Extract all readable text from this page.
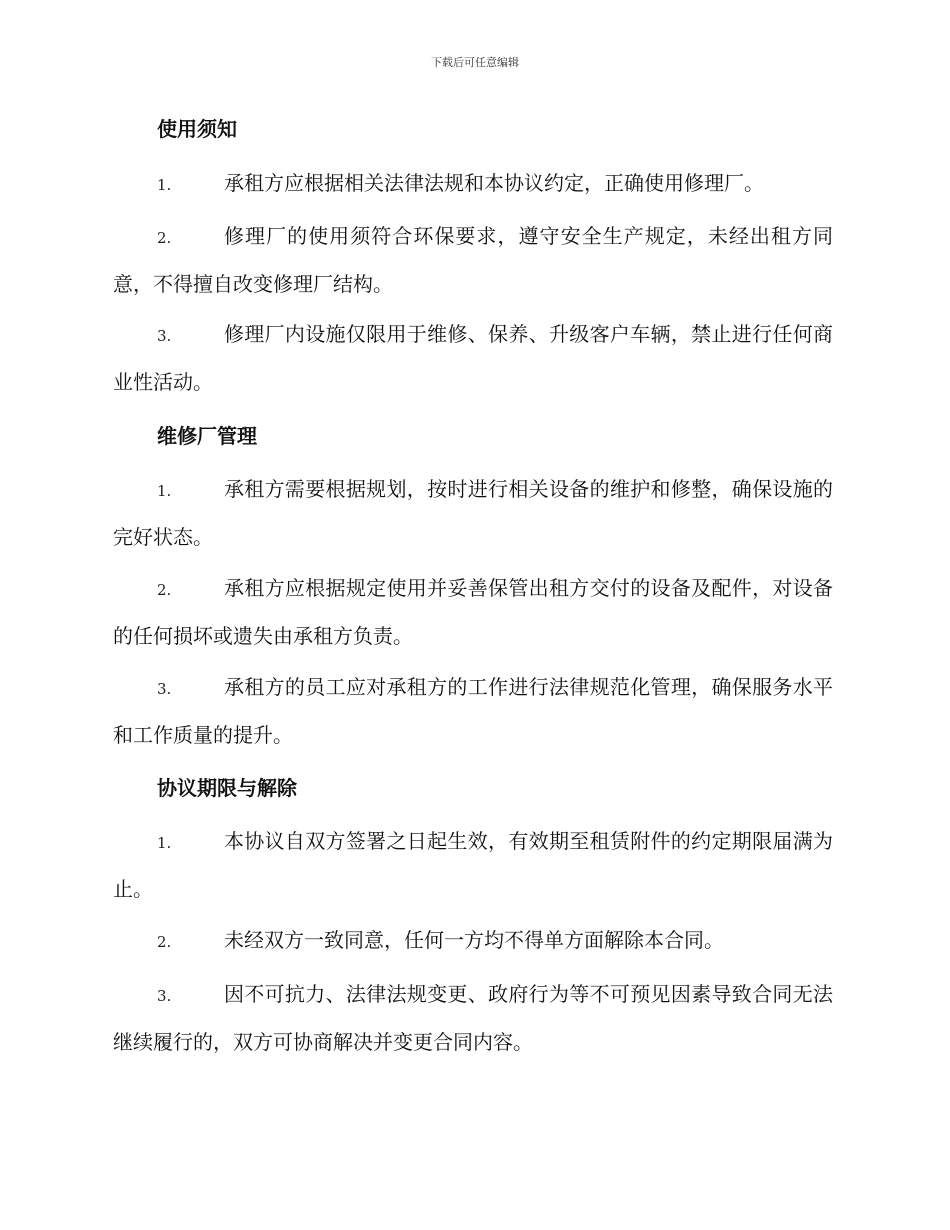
下载后可任意编辑
使用须知
1.	承租方应根据相关法律法规和本协议约定，正确使用修理厂。
2.	修理厂的使用须符合环保要求，遵守安全生产规定，未经出租方同意，不得擅自改变修理厂结构。
3.	修理厂内设施仅限用于维修、保养、升级客户车辆，禁止进行任何商业性活动。
维修厂管理
1.	承租方需要根据规划，按时进行相关设备的维护和修整，确保设施的完好状态。
2.	承租方应根据规定使用并妥善保管出租方交付的设备及配件，对设备的任何损坏或遗失由承租方负责。
3.	承租方的员工应对承租方的工作进行法律规范化管理，确保服务水平和工作质量的提升。
协议期限与解除
1.	本协议自双方签署之日起生效，有效期至租赁附件的约定期限届满为止。
2.	未经双方一致同意，任何一方均不得单方面解除本合同。
3.	因不可抗力、法律法规变更、政府行为等不可预见因素导致合同无法继续履行的，双方可协商解决并变更合同内容。
